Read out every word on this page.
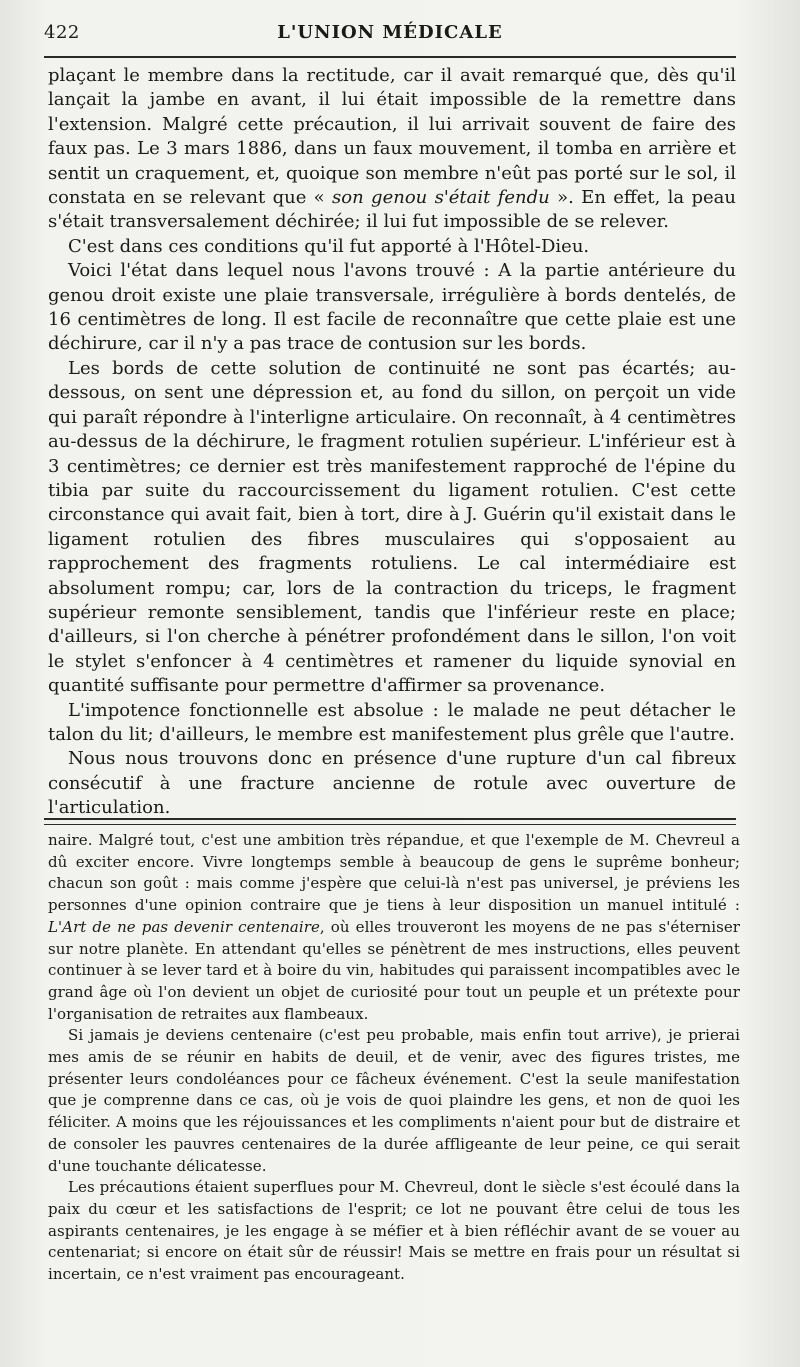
422	L'UNION MÉDICALE

plaçant le membre dans la rectitude, car il avait remarqué que, dès qu'il lançait la jambe en avant, il lui était impossible de la remettre dans l'extension. Malgré cette précaution, il lui arrivait souvent de faire des faux pas. Le 3 mars 1886, dans un faux mouvement, il tomba en arrière et sentit un craquement, et, quoique son membre n'eût pas porté sur le sol, il constata en se relevant que « son genou s'était fendu ». En effet, la peau s'était transversalement déchirée; il lui fut impossible de se relever.

C'est dans ces conditions qu'il fut apporté à l'Hôtel-Dieu.

Voici l'état dans lequel nous l'avons trouvé : A la partie antérieure du genou droit existe une plaie transversale, irrégulière à bords dentelés, de 16 centimètres de long. Il est facile de reconnaître que cette plaie est une déchirure, car il n'y a pas trace de contusion sur les bords.

Les bords de cette solution de continuité ne sont pas écartés; au-dessous, on sent une dépression et, au fond du sillon, on perçoit un vide qui paraît répondre à l'interligne articulaire. On reconnaît, à 4 centimètres au-dessus de la déchirure, le fragment rotulien supérieur. L'inférieur est à 3 centimètres; ce dernier est très manifestement rapproché de l'épine du tibia par suite du raccourcissement du ligament rotulien. C'est cette circonstance qui avait fait, bien à tort, dire à J. Guérin qu'il existait dans le ligament rotulien des fibres musculaires qui s'opposaient au rapprochement des fragments rotuliens. Le cal intermédiaire est absolument rompu; car, lors de la contraction du triceps, le fragment supérieur remonte sensiblement, tandis que l'inférieur reste en place; d'ailleurs, si l'on cherche à pénétrer profondément dans le sillon, l'on voit le stylet s'enfoncer à 4 centimètres et ramener du liquide synovial en quantité suffisante pour permettre d'affirmer sa provenance.

L'impotence fonctionnelle est absolue : le malade ne peut détacher le talon du lit; d'ailleurs, le membre est manifestement plus grêle que l'autre.

Nous nous trouvons donc en présence d'une rupture d'un cal fibreux consécutif à une fracture ancienne de rotule avec ouverture de l'articulation.

naire. Malgré tout, c'est une ambition très répandue, et que l'exemple de M. Chevreul a dû exciter encore. Vivre longtemps semble à beaucoup de gens le suprême bonheur; chacun son goût : mais comme j'espère que celui-là n'est pas universel, je préviens les personnes d'une opinion contraire que je tiens à leur disposition un manuel intitulé : L'Art de ne pas devenir centenaire, où elles trouveront les moyens de ne pas s'éterniser sur notre planète. En attendant qu'elles se pénètrent de mes instructions, elles peuvent continuer à se lever tard et à boire du vin, habitudes qui paraissent incompatibles avec le grand âge où l'on devient un objet de curiosité pour tout un peuple et un prétexte pour l'organisation de retraites aux flambeaux.

Si jamais je deviens centenaire (c'est peu probable, mais enfin tout arrive), je prierai mes amis de se réunir en habits de deuil, et de venir, avec des figures tristes, me présenter leurs condoléances pour ce fâcheux événement. C'est la seule manifestation que je comprenne dans ce cas, où je vois de quoi plaindre les gens, et non de quoi les féliciter. A moins que les réjouissances et les compliments n'aient pour but de distraire et de consoler les pauvres centenaires de la durée affligeante de leur peine, ce qui serait d'une touchante délicatesse.

Les précautions étaient superflues pour M. Chevreul, dont le siècle s'est écoulé dans la paix du cœur et les satisfactions de l'esprit; ce lot ne pouvant être celui de tous les aspirants centenaires, je les engage à se méfier et à bien réfléchir avant de se vouer au centenariat; si encore on était sûr de réussir! Mais se mettre en frais pour un résultat si incertain, ce n'est vraiment pas encourageant.
